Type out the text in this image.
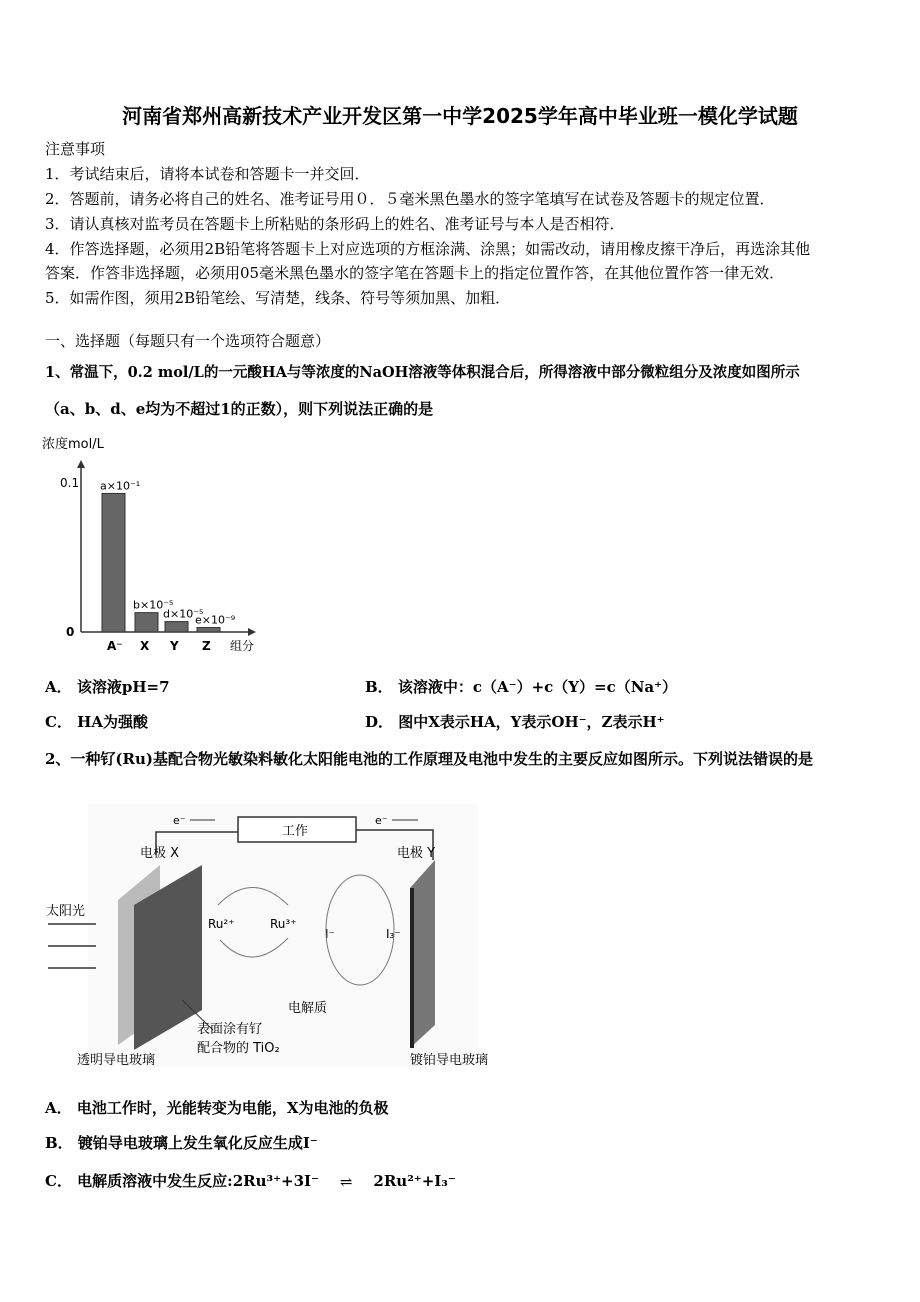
河南省郑州高新技术产业开发区第一中学2025学年高中毕业班一模化学试题
注意事项
1．考试结束后，请将本试卷和答题卡一并交回．
2．答题前，请务必将自己的姓名、准考证号用０．５毫米黑色墨水的签字笔填写在试卷及答题卡的规定位置．
3．请认真核对监考员在答题卡上所粘贴的条形码上的姓名、准考证号与本人是否相符．
4．作答选择题，必须用2B铅笔将答题卡上对应选项的方框涂满、涂黑；如需改动，请用橡皮擦干净后，再选涂其他
答案．作答非选择题，必须用05毫米黑色墨水的签字笔在答题卡上的指定位置作答，在其他位置作答一律无效．
5．如需作图，须用2B铅笔绘、写清楚，线条、符号等须加黑、加粗．
一、选择题（每题只有一个选项符合题意）
1、常温下，0.2 mol/L的一元酸HA与等浓度的NaOH溶液等体积混合后，所得溶液中部分微粒组分及浓度如图所示
（a、b、d、e均为不超过1的正数），则下列说法正确的是
浓度mol/L
0.1
0
组分
a×10⁻¹
A⁻
b×10⁻⁵
X
d×10⁻⁵
Y
e×10⁻⁹
Z
A． 该溶液pH=7	B． 该溶液中：c（A⁻）+c（Y）=c（Na⁺）
C． HA为强酸	D． 图中X表示HA，Y表示OH⁻，Z表示H⁺
2、一种钌(Ru)基配合物光敏染料敏化太阳能电池的工作原理及电池中发生的主要反应如图所示。下列说法错误的是
工作
e⁻	e⁻
电极 X	电极 Y
太阳光
Ru²⁺	Ru³⁺
I⁻	I₃⁻
电解质
表面涂有钌
配合物的 TiO₂
透明导电玻璃	镀铂导电玻璃
A． 电池工作时，光能转变为电能，X为电池的负极
B． 镀铂导电玻璃上发生氧化反应生成I⁻
C． 电解质溶液中发生反应:2Ru³⁺+3I⁻ ⇌ 2Ru²⁺+I₃⁻
